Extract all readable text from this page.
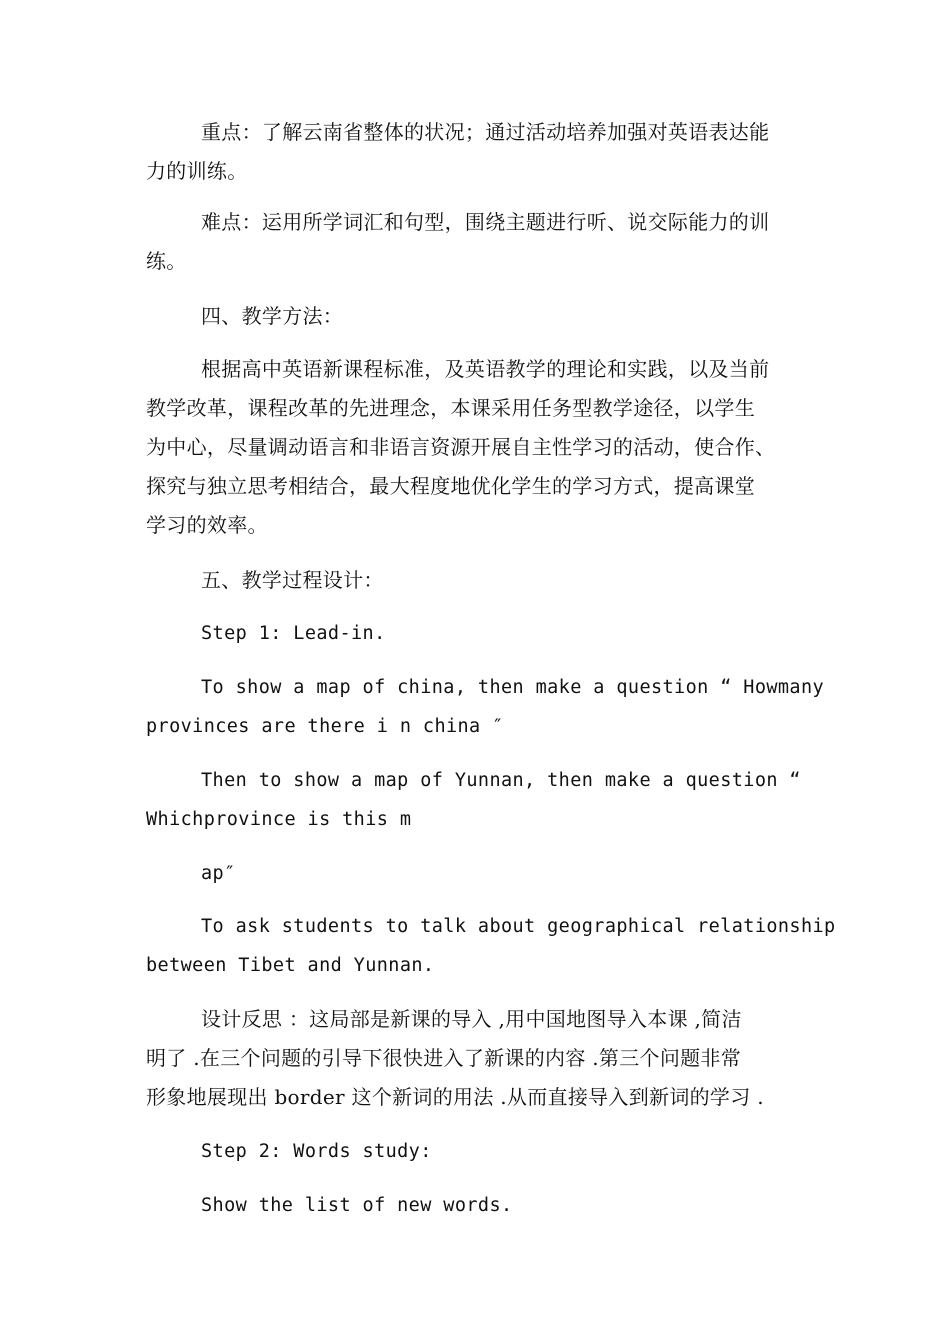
重点：了解云南省整体的状况；通过活动培养加强对英语表达能
力的训练。

难点：运用所学词汇和句型，围绕主题进行听、说交际能力的训
练。

四、教学方法：

根据高中英语新课程标准，及英语教学的理论和实践，以及当前
教学改革，课程改革的先进理念，本课采用任务型教学途径，以学生
为中心，尽量调动语言和非语言资源开展自主性学习的活动，使合作、
探究与独立思考相结合，最大程度地优化学生的学习方式，提高课堂
学习的效率。

五、教学过程设计：

Step 1: Lead-in.

To show a map of china, then make a question “ Howmany
provinces are there i n china ″

Then to show a map of Yunnan, then make a question “
Whichprovince is this m

ap″

To ask students to talk about geographical relationship
between Tibet and Yunnan.

设计反思 ：这局部是新课的导入 ,用中国地图导入本课 ,简洁
明了 .在三个问题的引导下很快进入了新课的内容 .第三个问题非常
形象地展现出 border 这个新词的用法 .从而直接导入到新词的学习 .

Step 2: Words study:

Show the list of new words.
